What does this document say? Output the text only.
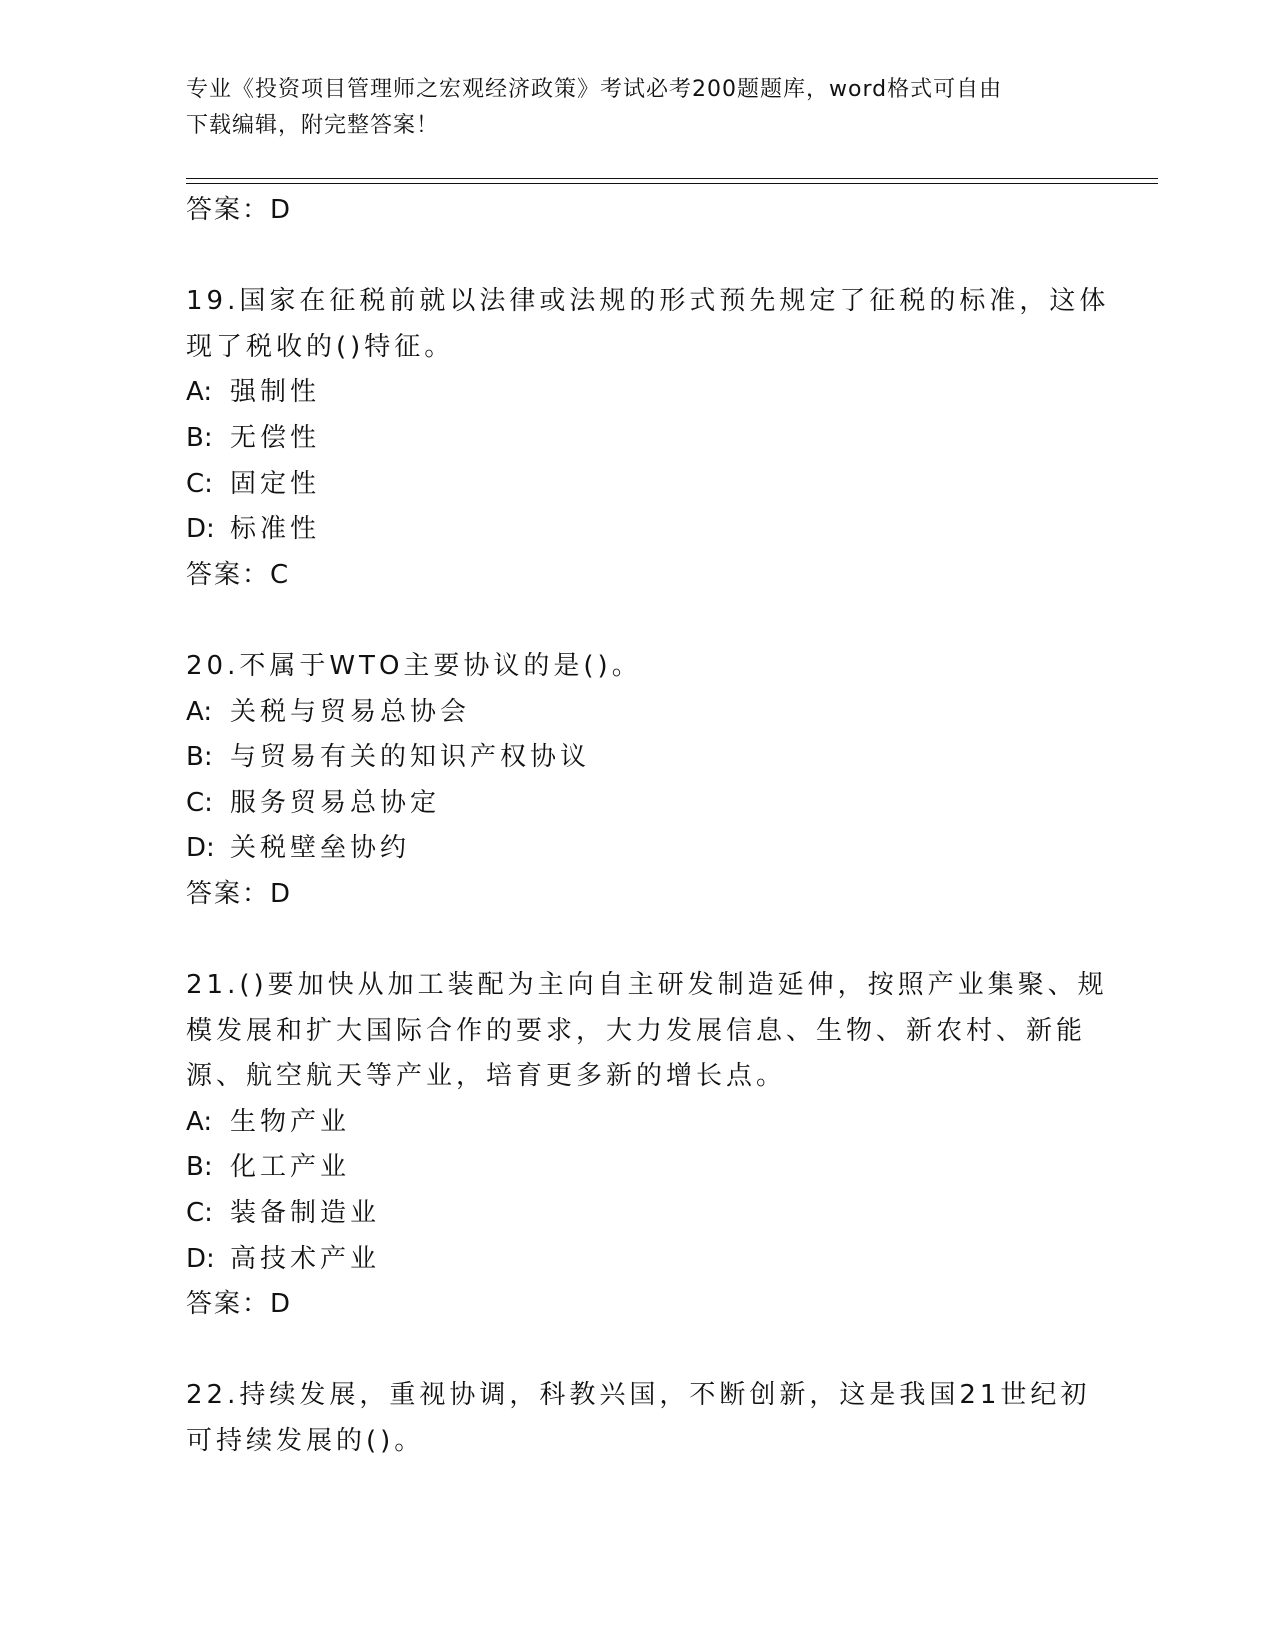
专业《投资项目管理师之宏观经济政策》考试必考200题题库，word格式可自由
下载编辑，附完整答案！
答案：D
19.国家在征税前就以法律或法规的形式预先规定了征税的标准，这体
现了税收的()特征。
A: 强制性
B: 无偿性
C: 固定性
D: 标准性
答案：C
20.不属于WTO主要协议的是()。
A: 关税与贸易总协会
B: 与贸易有关的知识产权协议
C: 服务贸易总协定
D: 关税壁垒协约
答案：D
21.()要加快从加工装配为主向自主研发制造延伸，按照产业集聚、规
模发展和扩大国际合作的要求，大力发展信息、生物、新农村、新能
源、航空航天等产业，培育更多新的增长点。
A: 生物产业
B: 化工产业
C: 装备制造业
D: 高技术产业
答案：D
22.持续发展，重视协调，科教兴国，不断创新，这是我国21世纪初
可持续发展的()。
